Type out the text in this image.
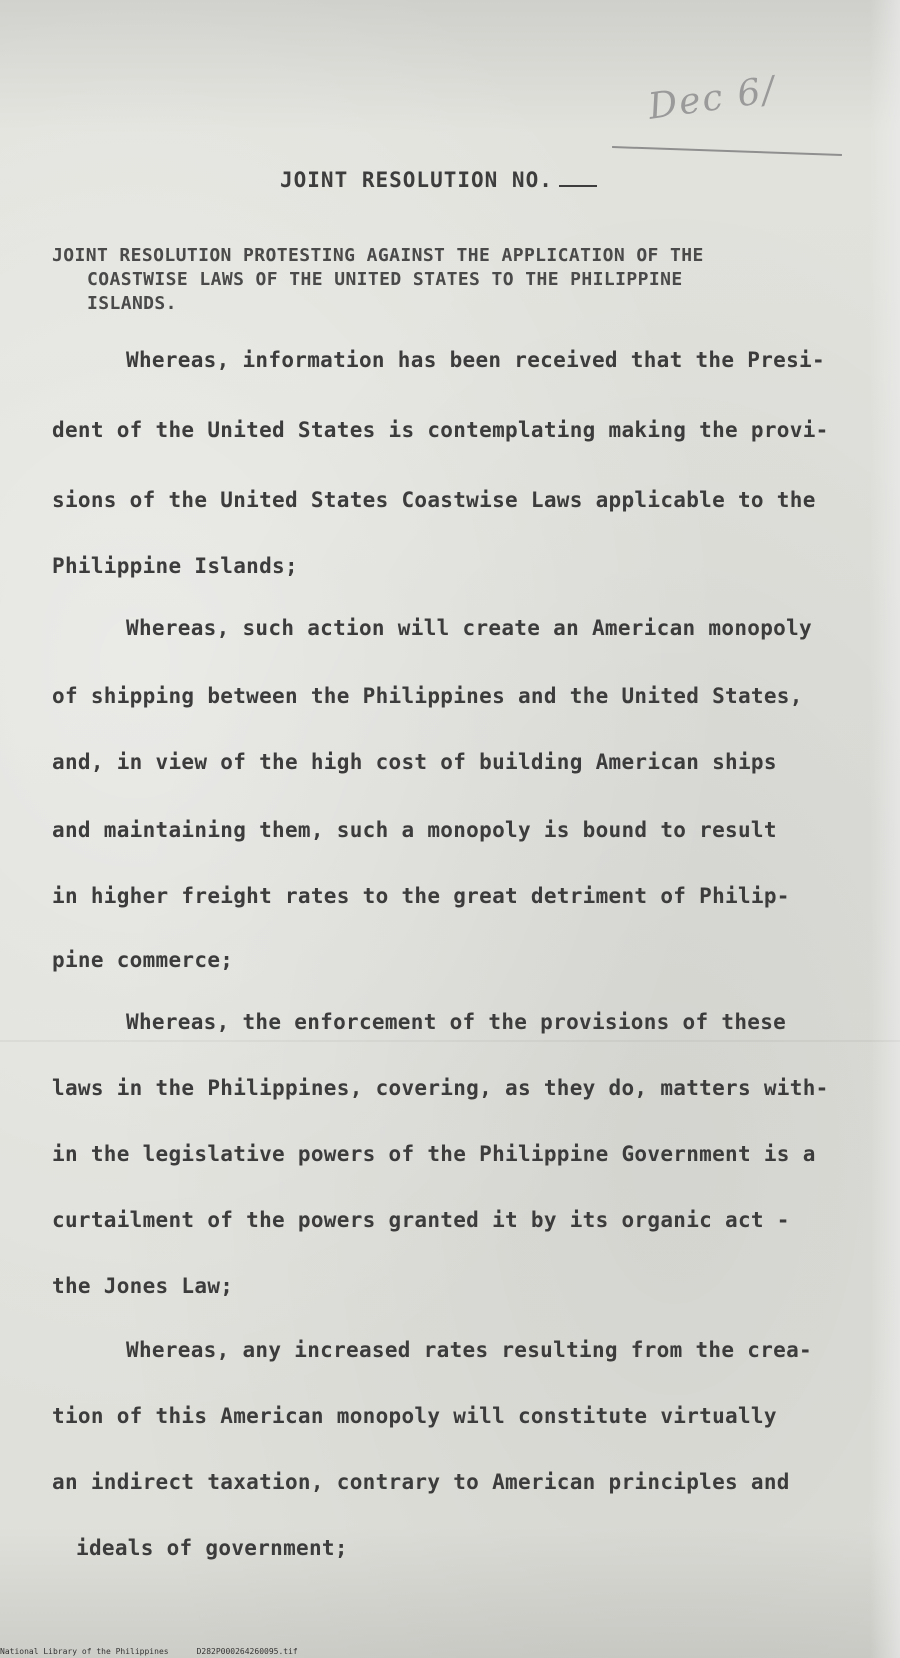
Dec 6/
JOINT RESOLUTION NO.
JOINT RESOLUTION PROTESTING AGAINST THE APPLICATION OF THE
COASTWISE LAWS OF THE UNITED STATES TO THE PHILIPPINE
ISLANDS.
Whereas, information has been received that the Presi-
dent of the United States is contemplating making the provi-
sions of the United States Coastwise Laws applicable to the
Philippine Islands;
Whereas, such action will create an American monopoly
of shipping between the Philippines and the United States,
and, in view of the high cost of building American ships
and maintaining them, such a monopoly is bound to result
in higher freight rates to the great detriment of Philip-
pine commerce;
Whereas, the enforcement of the provisions of these
laws in the Philippines, covering, as they do, matters with-
in the legislative powers of the Philippine Government is a
curtailment of the powers granted it by its organic act -
the Jones Law;
Whereas, any increased rates resulting from the crea-
tion of this American monopoly will constitute virtually
an indirect taxation, contrary to American principles and
ideals of government;
National Library of the Philippines	D282P000264260095.tif
